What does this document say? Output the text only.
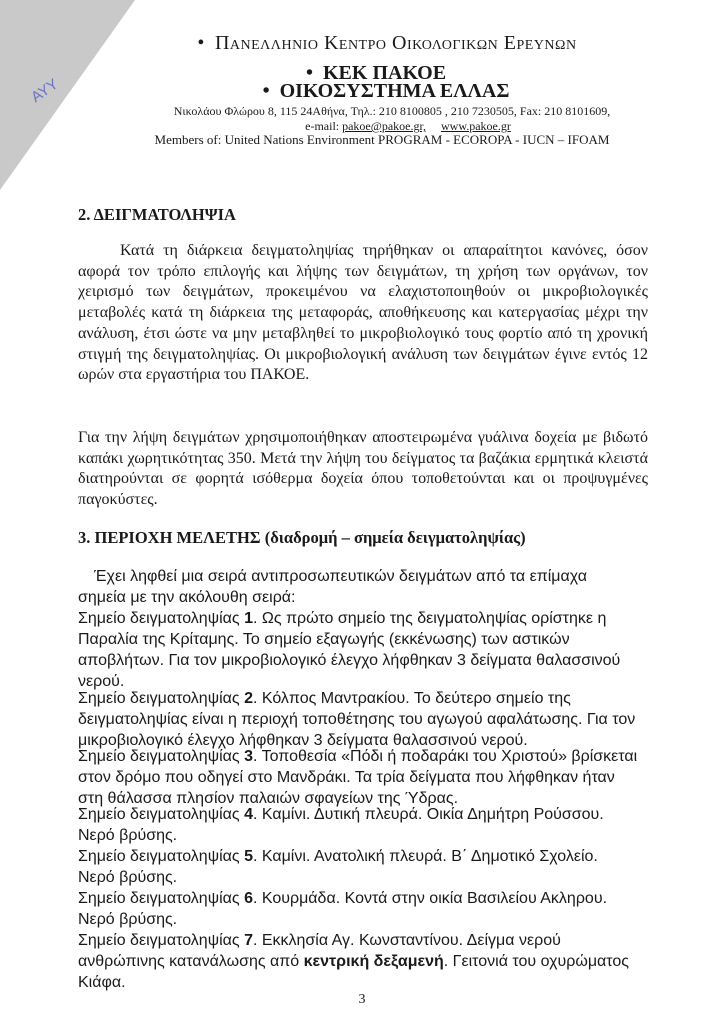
ΑΥΥ
• Πανελληνιο Κεντρο Οικολογικων Ερευνων
• ΚΕΚ ΠΑΚΟΕ
• ΟΙΚΟΣΥΣΤΗΜΑ ΕΛΛΑΣ
Νικολάου Φλώρου 8, 115 24Αθήνα, Τηλ.: 210 8100805 , 210 7230505, Fax: 210 8101609,
e-mail: pakoe@pakoe.gr, www.pakoe.gr
Members of: United Nations Environment PROGRAM - ECOROPA - IUCN – IFOAM
2. ΔΕΙΓΜΑΤΟΛΗΨΙΑ

Κατά τη διάρκεια δειγματοληψίας τηρήθηκαν οι απαραίτητοι κανόνες, όσον αφορά τον τρόπο επιλογής και λήψης των δειγμάτων, τη χρήση των οργάνων, τον χειρισμό των δειγμάτων, προκειμένου να ελαχιστοποιηθούν οι μικροβιολογικές μεταβολές κατά τη διάρκεια της μεταφοράς, αποθήκευσης και κατεργασίας μέχρι την ανάλυση, έτσι ώστε να μην μεταβληθεί το μικροβιολογικό τους φορτίο από τη χρονική στιγμή της δειγματοληψίας. Οι μικροβιολογική ανάλυση των δειγμάτων έγινε εντός 12 ωρών στα εργαστήρια του ΠΑΚΟΕ.

Για την λήψη δειγμάτων χρησιμοποιήθηκαν αποστειρωμένα γυάλινα δοχεία με βιδωτό καπάκι χωρητικότητας 350. Μετά την λήψη του δείγματος τα βαζάκια ερμητικά κλειστά διατηρούνται σε φορητά ισόθερμα δοχεία όπου τοποθετούνται και οι προψυγμένες παγοκύστες.

3. ΠΕΡΙΟΧΗ ΜΕΛΕΤΗΣ (διαδρομή – σημεία δειγματοληψίας)

Έχει ληφθεί μια σειρά αντιπροσωπευτικών δειγμάτων από τα επίμαχα σημεία με την ακόλουθη σειρά:

Σημείο δειγματοληψίας 1. Ως πρώτο σημείο της δειγματοληψίας ορίστηκε η Παραλία της Κρίταμης. Το σημείο εξαγωγής (εκκένωσης) των αστικών αποβλήτων. Για τον μικροβιολογικό έλεγχο λήφθηκαν 3 δείγματα θαλασσινού νερού.

Σημείο δειγματοληψίας 2. Κόλπος Μαντρακίου. Το δεύτερο σημείο της δειγματοληψίας είναι η περιοχή τοποθέτησης του αγωγού αφαλάτωσης. Για τον μικροβιολογικό έλεγχο λήφθηκαν 3 δείγματα θαλασσινού νερού.

Σημείο δειγματοληψίας 3. Τοποθεσία «Πόδι ή ποδαράκι του Χριστού» βρίσκεται στον δρόμο που οδηγεί στο Μανδράκι. Τα τρία δείγματα που λήφθηκαν ήταν στη θάλασσα πλησίον παλαιών σφαγείων της Ύδρας.

Σημείο δειγματοληψίας 4. Καμίνι. Δυτική πλευρά. Οικία Δημήτρη Ρούσσου. Νερό βρύσης.

Σημείο δειγματοληψίας 5. Καμίνι. Ανατολική πλευρά. Β΄ Δημοτικό Σχολείο. Νερό βρύσης.

Σημείο δειγματοληψίας 6. Κουρμάδα. Κοντά στην οικία Βασιλείου Ακληρου. Νερό βρύσης.

Σημείο δειγματοληψίας 7. Εκκλησία Αγ. Κωνσταντίνου. Δείγμα νερού ανθρώπινης κατανάλωσης από κεντρική δεξαμενή. Γειτονιά του οχυρώματος Κιάφα.

3
